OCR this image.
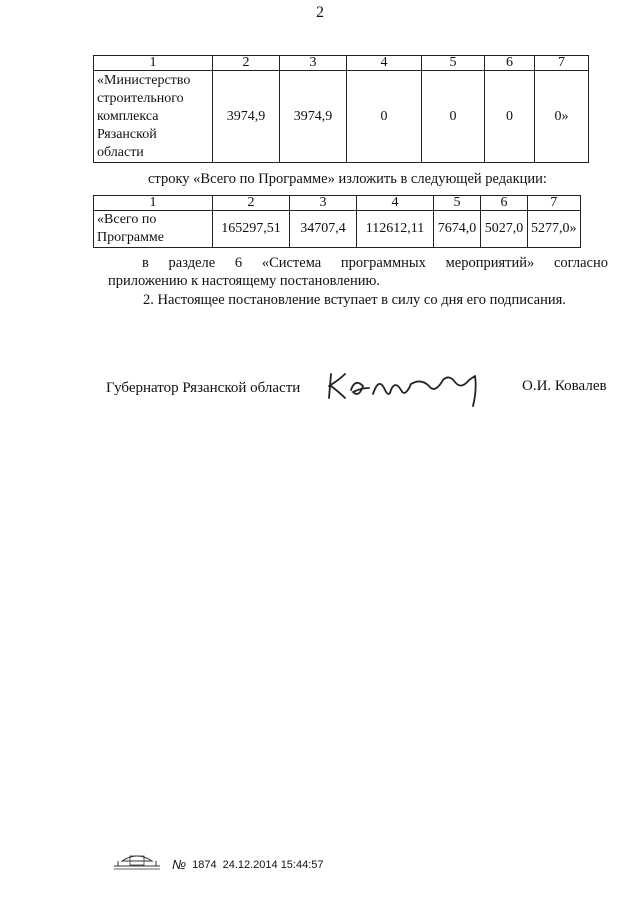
2
1	2	3	4	5	6	7

«Министерство
строительного
комплекса
Рязанской
области	3974,9	3974,9	0	0	0	0»
строку «Всего по Программе» изложить в следующей редакции:
1	2	3	4	5	6	7

«Всего по
Программе	165297,51	34707,4	112612,11	7674,0	5027,0	5277,0»
в разделе 6 «Система программных мероприятий» согласно
приложению к настоящему постановлению.
2. Настоящее постановление вступает в силу со дня его подписания.
Губернатор Рязанской области	О.И. Ковалев
№ 1874 24.12.2014 15:44:57
